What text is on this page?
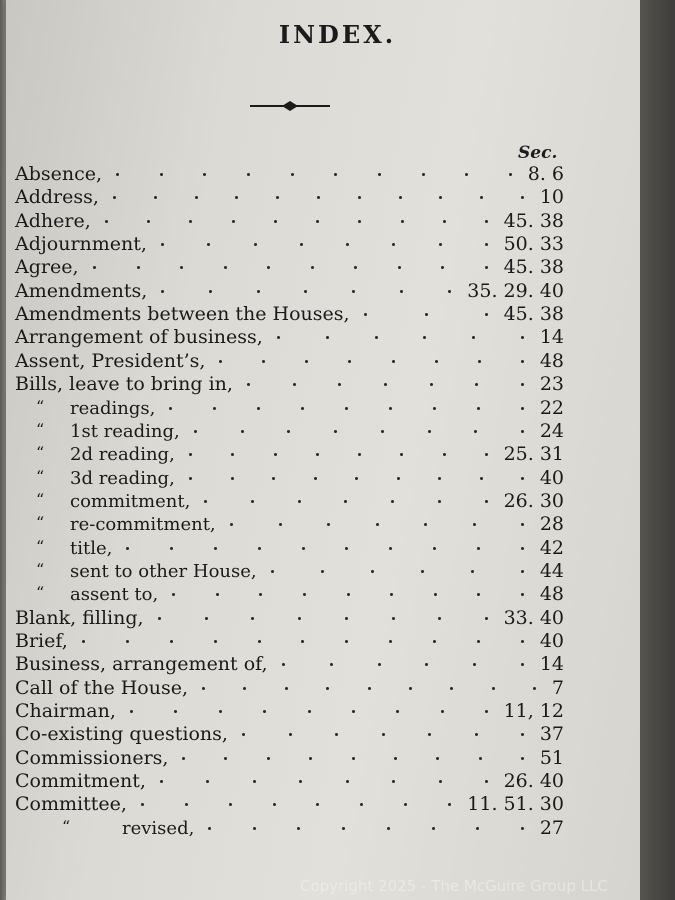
INDEX.
Sec.
Absence,	8. 6
Address,	10
Adhere,	45. 38
Adjournment,	50. 33
Agree,	45. 38
Amendments,	35. 29. 40
Amendments between the Houses,	45. 38
Arrangement of business,	14
Assent, President’s,	48
Bills, leave to bring in,	23
“ readings,	22
“ 1st reading,	24
“ 2d reading,	25. 31
“ 3d reading,	40
“ commitment,	26. 30
“ re-commitment,	28
“ title,	42
“ sent to other House,	44
“ assent to,	48
Blank, filling,	33. 40
Brief,	40
Business, arrangement of,	14
Call of the House,	7
Chairman,	11, 12
Co-existing questions,	37
Commissioners,	51
Commitment,	26. 40
Committee,	11. 51. 30
“	revised,	27
Copyright 2025 - The McGuire Group LLC
